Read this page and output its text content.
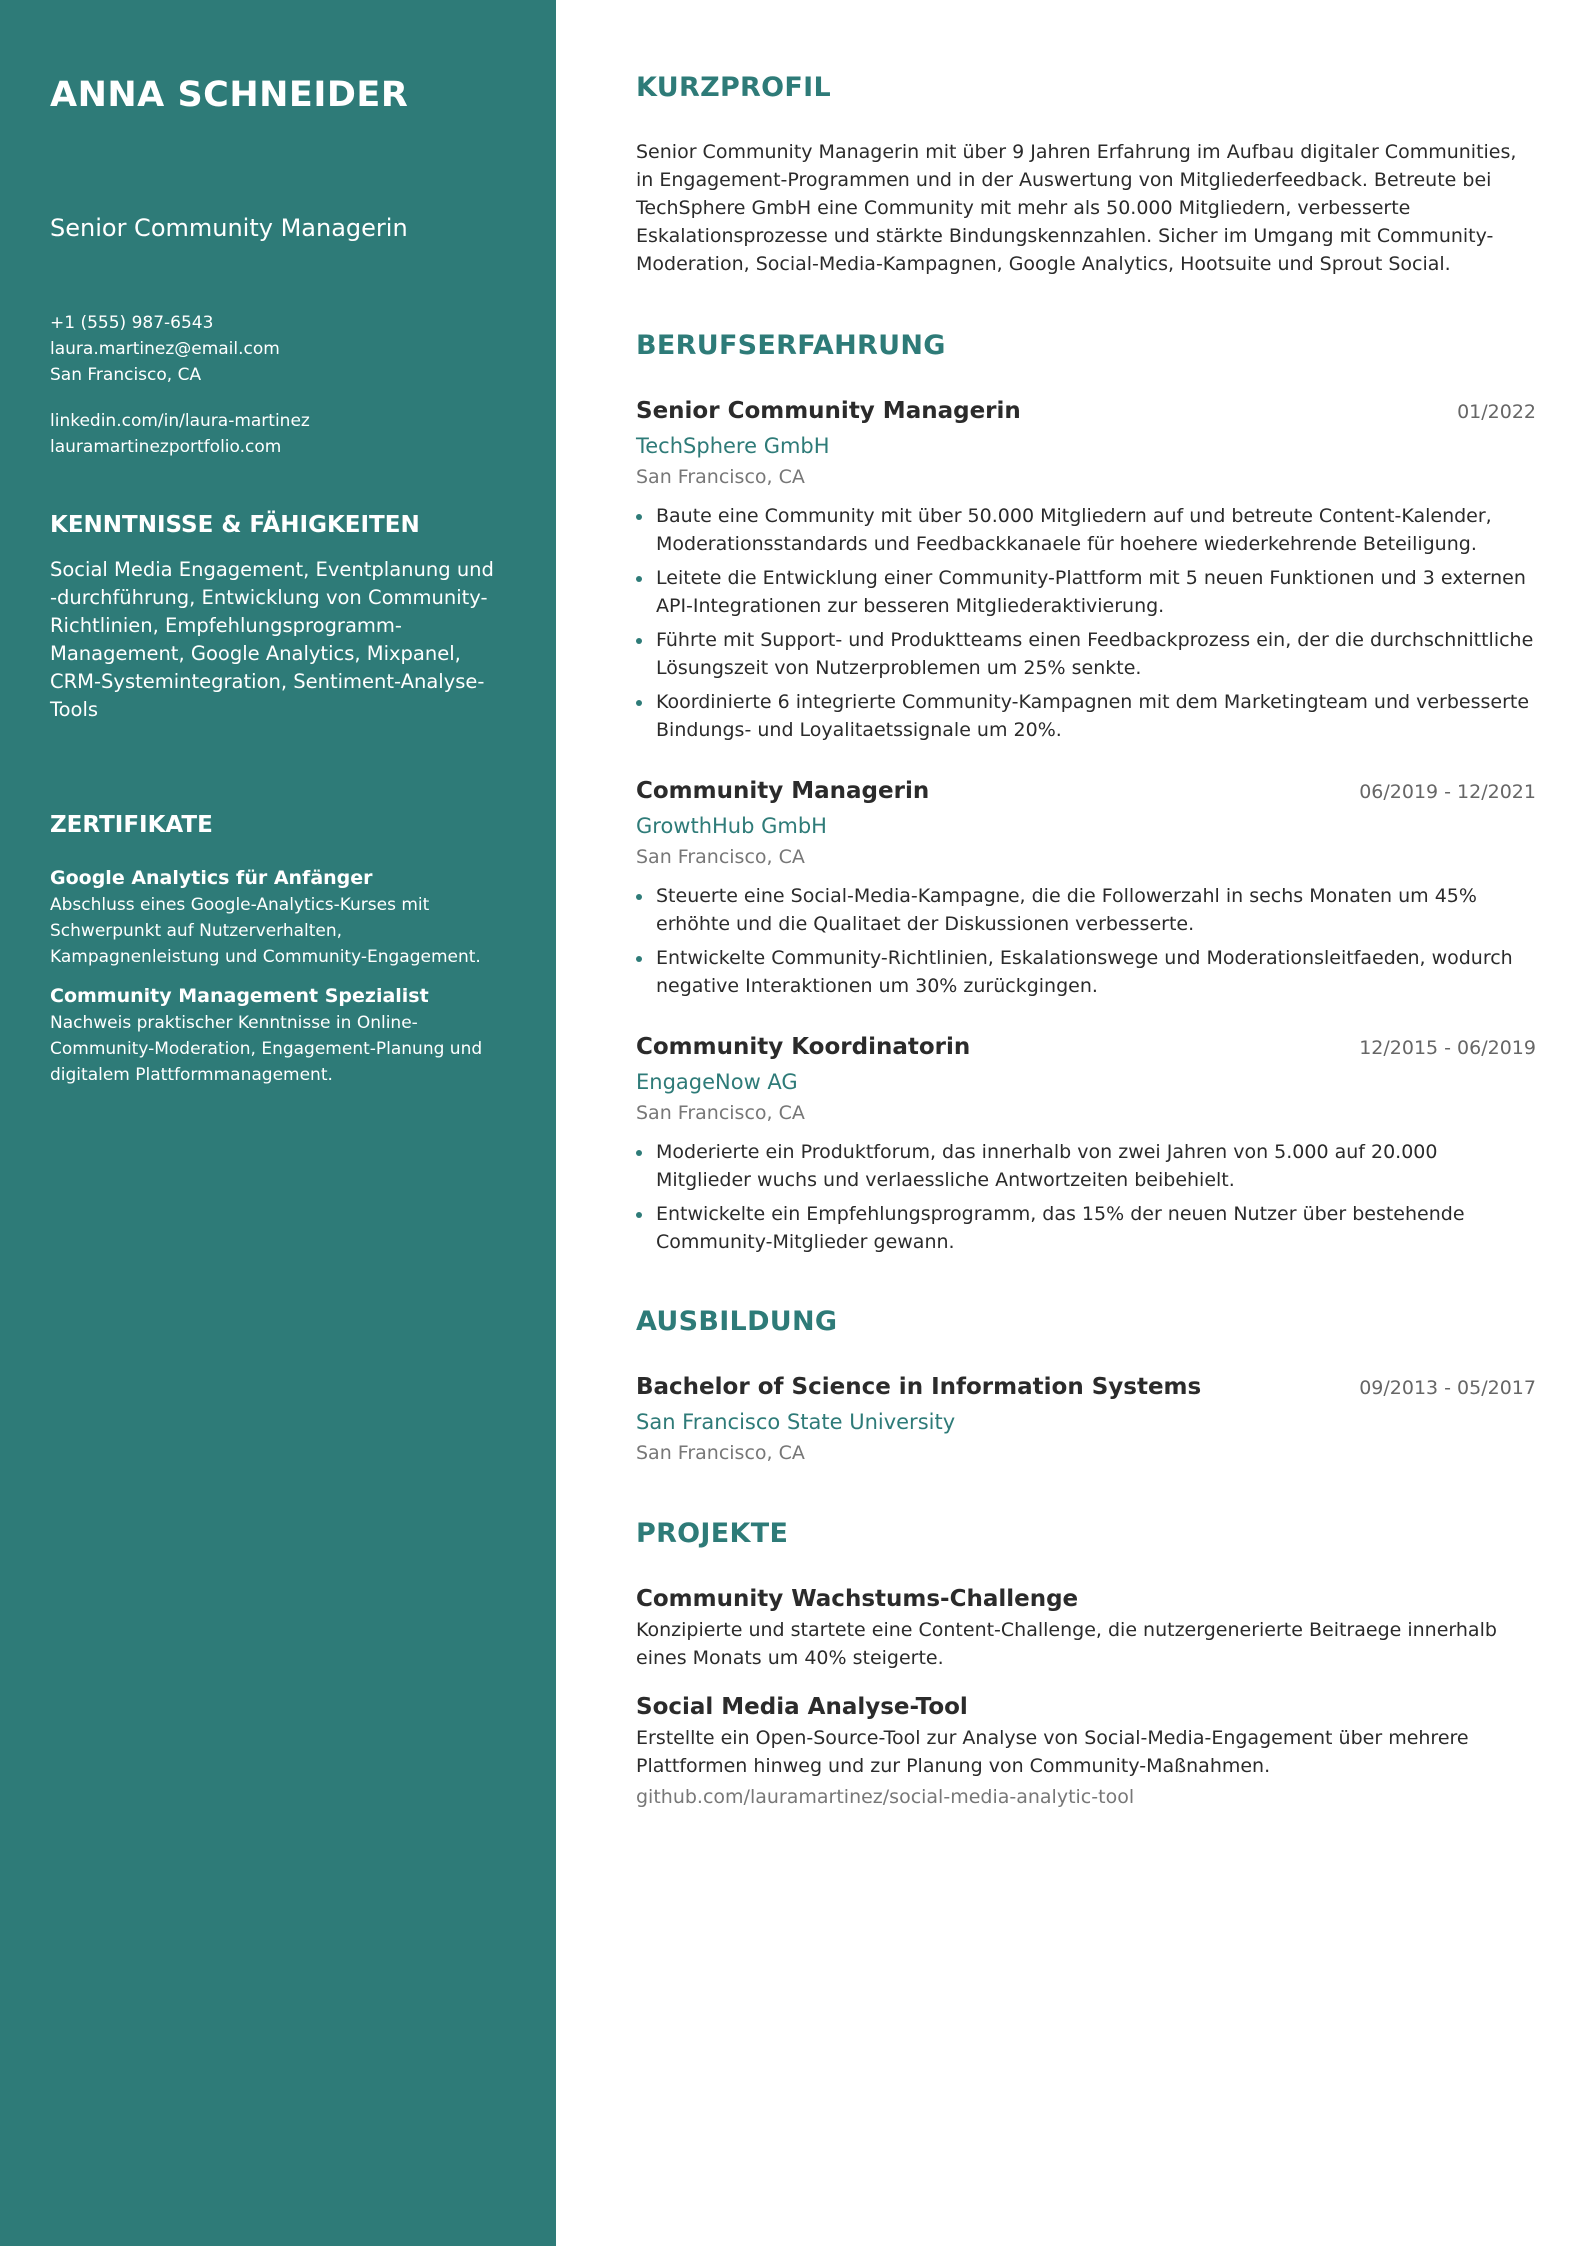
ANNA SCHNEIDER
Senior Community Managerin
+1 (555) 987-6543
laura.martinez@email.com
San Francisco, CA
linkedin.com/in/laura-martinez
lauramartinezportfolio.com
KENNTNISSE & FÄHIGKEITEN
Social Media Engagement, Eventplanung und -durchführung, Entwicklung von Community-Richtlinien, Empfehlungsprogramm-Management, Google Analytics, Mixpanel, CRM-Systemintegration, Sentiment-Analyse-Tools
ZERTIFIKATE
Google Analytics für Anfänger
Abschluss eines Google-Analytics-Kurses mit Schwerpunkt auf Nutzerverhalten, Kampagnenleistung und Community-Engagement.
Community Management Spezialist
Nachweis praktischer Kenntnisse in Online-Community-Moderation, Engagement-Planung und digitalem Plattformmanagement.
KURZPROFIL
Senior Community Managerin mit über 9 Jahren Erfahrung im Aufbau digitaler Communities, in Engagement-Programmen und in der Auswertung von Mitgliederfeedback. Betreute bei TechSphere GmbH eine Community mit mehr als 50.000 Mitgliedern, verbesserte Eskalationsprozesse und stärkte Bindungskennzahlen. Sicher im Umgang mit Community-Moderation, Social-Media-Kampagnen, Google Analytics, Hootsuite und Sprout Social.
BERUFSERFAHRUNG
Senior Community Managerin	01/2022
TechSphere GmbH
San Francisco, CA
Baute eine Community mit über 50.000 Mitgliedern auf und betreute Content-Kalender, Moderationsstandards und Feedbackkanaele für hoehere wiederkehrende Beteiligung.
Leitete die Entwicklung einer Community-Plattform mit 5 neuen Funktionen und 3 externen API-Integrationen zur besseren Mitgliederaktivierung.
Führte mit Support- und Produktteams einen Feedbackprozess ein, der die durchschnittliche Lösungszeit von Nutzerproblemen um 25% senkte.
Koordinierte 6 integrierte Community-Kampagnen mit dem Marketingteam und verbesserte Bindungs- und Loyalitaetssignale um 20%.
Community Managerin	06/2019 - 12/2021
GrowthHub GmbH
San Francisco, CA
Steuerte eine Social-Media-Kampagne, die die Followerzahl in sechs Monaten um 45% erhöhte und die Qualitaet der Diskussionen verbesserte.
Entwickelte Community-Richtlinien, Eskalationswege und Moderationsleitfaeden, wodurch negative Interaktionen um 30% zurückgingen.
Community Koordinatorin	12/2015 - 06/2019
EngageNow AG
San Francisco, CA
Moderierte ein Produktforum, das innerhalb von zwei Jahren von 5.000 auf 20.000 Mitglieder wuchs und verlaessliche Antwortzeiten beibehielt.
Entwickelte ein Empfehlungsprogramm, das 15% der neuen Nutzer über bestehende Community-Mitglieder gewann.
AUSBILDUNG
Bachelor of Science in Information Systems	09/2013 - 05/2017
San Francisco State University
San Francisco, CA
PROJEKTE
Community Wachstums-Challenge
Konzipierte und startete eine Content-Challenge, die nutzergenerierte Beitraege innerhalb eines Monats um 40% steigerte.
Social Media Analyse-Tool
Erstellte ein Open-Source-Tool zur Analyse von Social-Media-Engagement über mehrere Plattformen hinweg und zur Planung von Community-Maßnahmen.
github.com/lauramartinez/social-media-analytic-tool
